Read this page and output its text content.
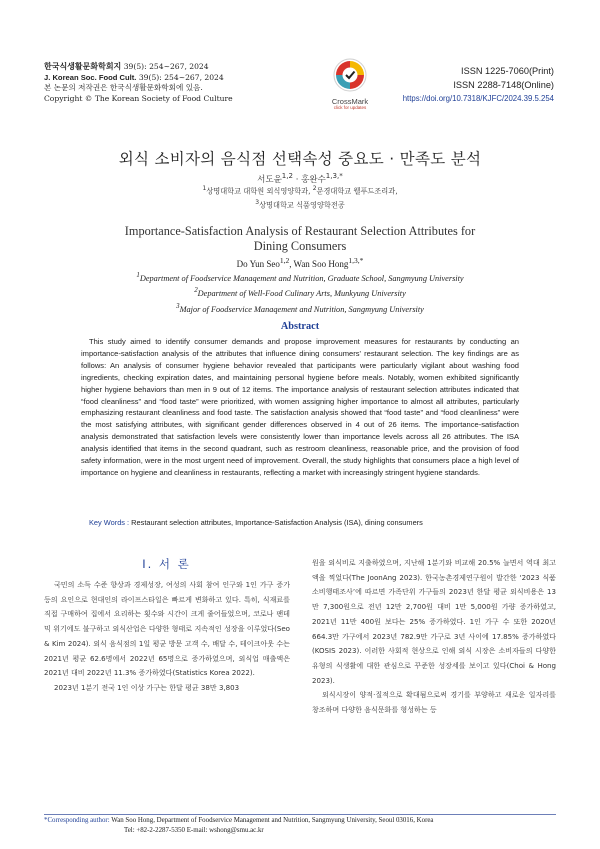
한국식생활문화학회지 39(5): 254~267, 2024
J. Korean Soc. Food Cult. 39(5): 254~267, 2024
본 논문의 저작권은 한국식생활문화학회에 있음.
Copyright © The Korean Society of Food Culture	CrossMark
click for updates
ISSN 1225-7060(Print)
ISSN 2288-7148(Online)
https://doi.org/10.7318/KJFC/2024.39.5.254
외식 소비자의 음식점 선택속성 중요도 · 만족도 분석
서도윤$^{1,2}$ · 홍완수$^{1,3,*}$
$^1$상명대학교 대학원 외식영양학과, $^2$문경대학교 웰푸드조리과,
$^3$상명대학교 식품영양학전공
Importance-Satisfaction Analysis of Restaurant Selection Attributes for
Dining Consumers
Do Yun Seo$^{1,2}$, Wan Soo Hong$^{1,3,*}$
$^1$Department of Foodservice Manaqement and Nutrition, Graduate School, Sangmyung University
$^2$Department of Well-Food Culinary Arts, Munkyung University
$^3$Major of Foodservice Manaqement and Nutrition, Sangmyung University
Abstract

This study aimed to identify consumer demands and propose improvement measures for restaurants by conducting an importance-satisfaction analysis of the attributes that influence dining consumers' restaurant selection. The key findings are as follows: An analysis of consumer hygiene behavior revealed that participants were particularly vigilant about washing food ingredients, checking expiration dates, and maintaining personal hygiene before meals. Notably, women exhibited significantly higher hygiene behaviors than men in 9 out of 12 items. The importance analysis of restaurant selection attributes indicated that “food cleanliness” and “food taste” were prioritized, with women assigning higher importance to almost all attributes, particularly emphasizing restaurant cleanliness and food taste. The satisfaction analysis showed that “food taste” and “food cleanliness” were the most satisfying attributes, with significant gender differences observed in 4 out of 26 items. The importance-satisfaction analysis demonstrated that satisfaction levels were consistently lower than importance levels across all 26 attributes. The ISA analysis identified that items in the second quadrant, such as restroom cleanliness, reasonable price, and the provision of food safety information, were in the most urgent need of improvement. Overall, the study highlights that consumers place a high level of importance on hygiene and cleanliness in restaurants, reflecting a market with increasingly stringent hygiene standards.

Key Words : Restaurant selection attributes, Importance-Satisfaction Analysis (ISA), dining consumers
Ⅰ. 서 론

국민의 소득 수준 향상과 경제성장, 여성의 사회 참여 인구와 1인 가구 증가 등의 요인으로 현대인의 라이프스타일은 빠르게 변화하고 있다. 특히, 식재료를 직접 구매하여 집에서 요리하는 횟수와 시간이 크게 줄어들었으며, 코로나 팬데믹 위기에도 불구하고 외식산업은 다양한 형태로 지속적인 성장을 이루었다(Seo & Kim 2024). 외식 음식점의 1일 평균 방문 고객 수, 배달 수, 테이크아웃 수는 2021년 평균 62.6명에서 2022년 65명으로 증가하였으며, 외식업 매출액은 2021년 대비 2022년 11.3% 증가하였다(Statistics Korea 2022).

2023년 1분기 전국 1인 이상 가구는 한달 평균 38만 3,803

원을 외식비로 지출하였으며, 지난해 1분기와 비교해 20.5% 늘면서 역대 최고액을 찍었다(The JoonAng 2023). 한국농촌경제연구원이 발간한 ‘2023 식품소비행태조사’에 따르면 가족단위 가구들의 2023년 한달 평균 외식비용은 13만 7,300원으로 전년 12만 2,700원 대비 1만 5,000원 가량 증가하였고, 2021년 11만 400원 보다는 25% 증가하였다. 1인 가구 수 또한 2020년 664.3만 가구에서 2023년 782.9만 가구로 3년 사이에 17.85% 증가하였다(KOSIS 2023). 이러한 사회적 현상으로 인해 외식 시장은 소비자들의 다양한 유형의 식생활에 대한 관심으로 꾸준한 성장세를 보이고 있다(Choi & Hong 2023).

외식시장이 양적·질적으로 확대됨으로써 경기를 부양하고 새로운 일자리를 창조하며 다양한 음식문화를 형성하는 등

*Corresponding author: Wan Soo Hong, Department of Foodservice Management and Nutrition, Sangmyung University, Seoul 03016, Korea
Tel: +82-2-2287-5350 E-mail: wshong@smu.ac.kr
